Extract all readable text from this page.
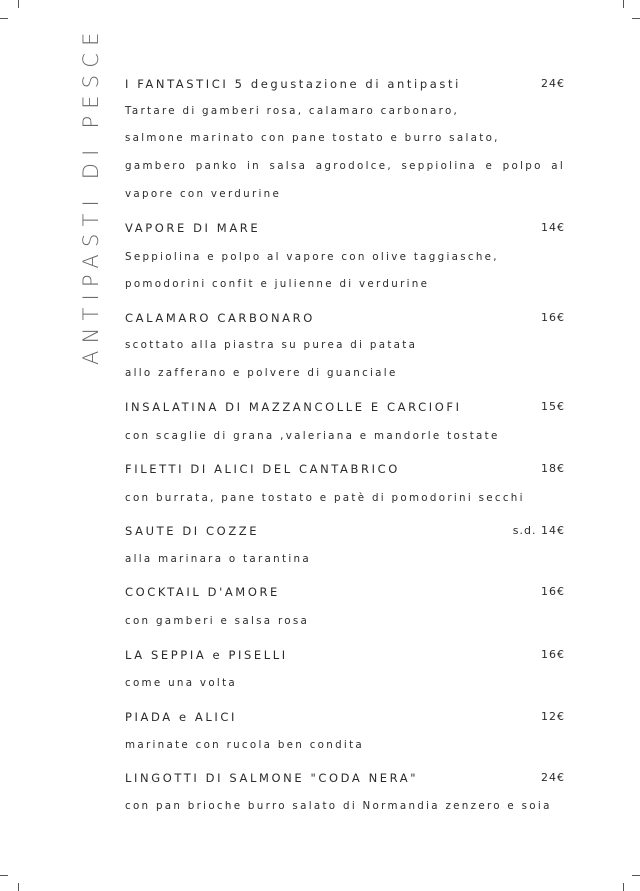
ANTIPASTI DI PESCE I FANTASTICI 5 degustazione di antipasti	24€
Tartare di gamberi rosa, calamaro carbonaro,
salmone marinato con pane tostato e burro salato,
gambero panko in salsa agrodolce, seppiolina e polpo al
vapore con verdurine
VAPORE DI MARE	14€
Seppiolina e polpo al vapore con olive taggiasche,
pomodorini confit e julienne di verdurine
CALAMARO CARBONARO	16€
scottato alla piastra su purea di patata
allo zafferano e polvere di guanciale
INSALATINA DI MAZZANCOLLE E CARCIOFI	15€
con scaglie di grana ,valeriana e mandorle tostate
FILETTI DI ALICI DEL CANTABRICO	18€
con burrata, pane tostato e patè di pomodorini secchi
SAUTE DI COZZE	s.d. 14€
alla marinara o tarantina
COCKTAIL D'AMORE	16€
con gamberi e salsa rosa
LA SEPPIA e PISELLI	16€
come una volta
PIADA e ALICI	12€
marinate con rucola ben condita
LINGOTTI DI SALMONE "CODA NERA"	24€
con pan brioche burro salato di Normandia zenzero e soia
